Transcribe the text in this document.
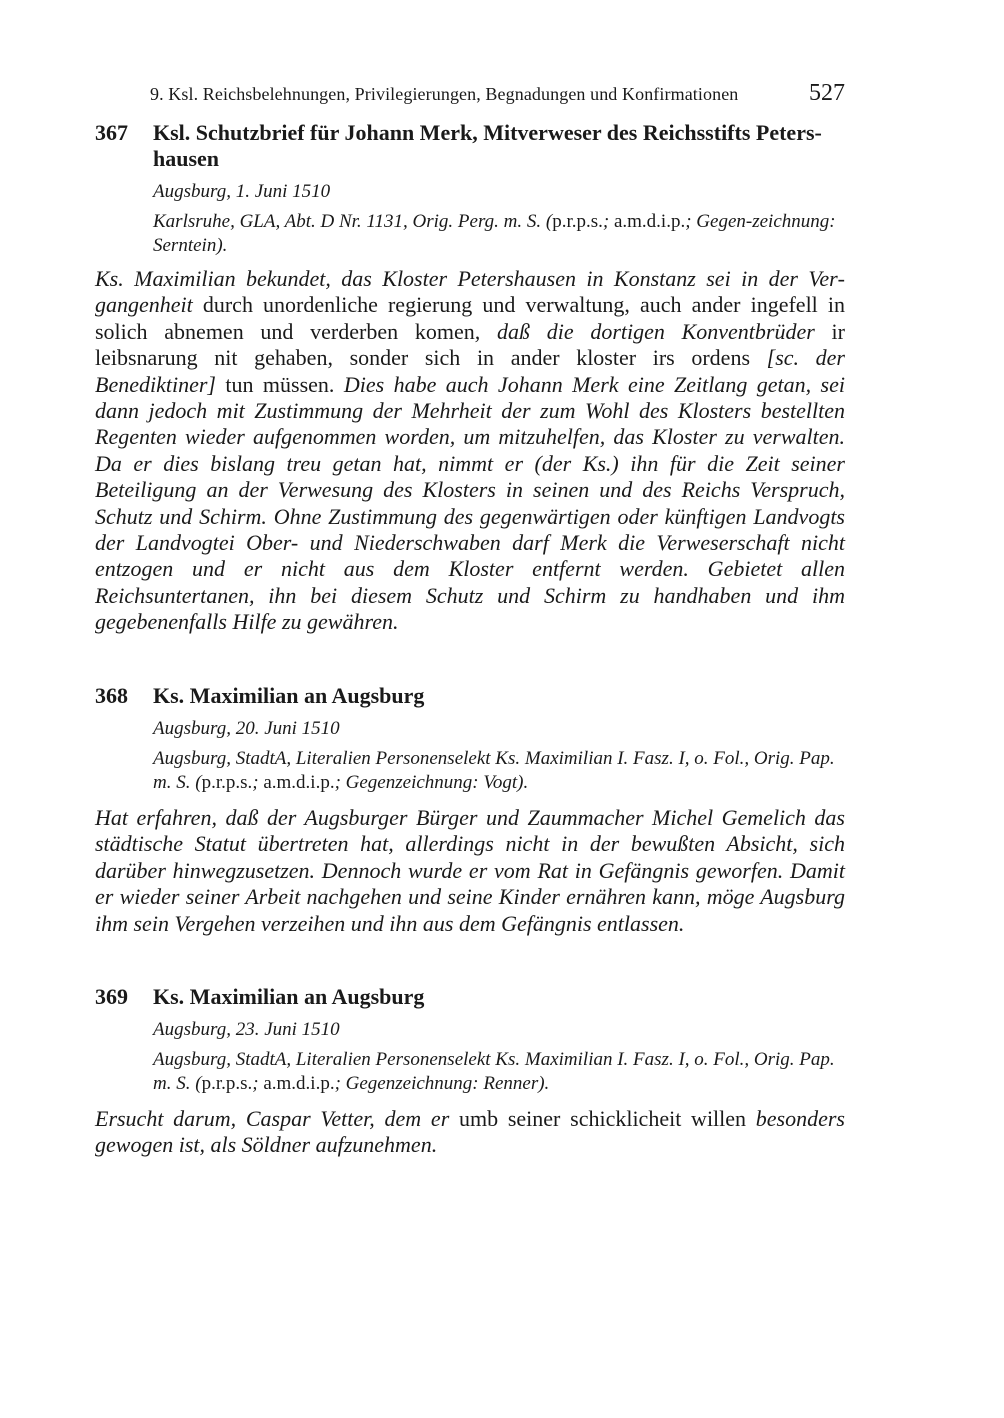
9. Ksl. Reichsbelehnungen, Privilegierungen, Begnadungen und Konfirmationen	527
367 Ksl. Schutzbrief für Johann Merk, Mitverweser des Reichsstifts Peters-
hausen
Augsburg, 1. Juni 1510
Karlsruhe, GLA, Abt. D Nr. 1131, Orig. Perg. m. S. (p.r.p.s.; a.m.d.i.p.; Gegen-zeichnung: Serntein).
Ks. Maximilian bekundet, das Kloster Petershausen in Konstanz sei in der Vergangenheit durch unordenliche regierung und verwaltung, auch ander ingefell in solich abnemen und verderben komen, daß die dortigen Konventbrüder ir leibsnarung nit gehaben, sonder sich in ander kloster irs ordens [sc. der Benediktiner] tun müssen. Dies habe auch Johann Merk eine Zeitlang getan, sei dann jedoch mit Zustimmung der Mehrheit der zum Wohl des Klosters bestellten Regenten wieder aufgenommen worden, um mitzuhelfen, das Kloster zu verwalten. Da er dies bislang treu getan hat, nimmt er (der Ks.) ihn für die Zeit seiner Beteiligung an der Verwesung des Klosters in seinen und des Reichs Verspruch, Schutz und Schirm. Ohne Zustimmung des gegenwärtigen oder künftigen Landvogts der Landvogtei Ober- und Niederschwaben darf Merk die Verweserschaft nicht entzogen und er nicht aus dem Kloster entfernt werden. Gebietet allen Reichsuntertanen, ihn bei diesem Schutz und Schirm zu handhaben und ihm gegebenenfalls Hilfe zu gewähren.
368 Ks. Maximilian an Augsburg
Augsburg, 20. Juni 1510
Augsburg, StadtA, Literalien Personenselekt Ks. Maximilian I. Fasz. I, o. Fol., Orig. Pap. m. S. (p.r.p.s.; a.m.d.i.p.; Gegenzeichnung: Vogt).
Hat erfahren, daß der Augsburger Bürger und Zaummacher Michel Gemelich das städtische Statut übertreten hat, allerdings nicht in der bewußten Absicht, sich darüber hinwegzusetzen. Dennoch wurde er vom Rat in Gefängnis geworfen. Damit er wieder seiner Arbeit nachgehen und seine Kinder ernähren kann, möge Augsburg ihm sein Vergehen verzeihen und ihn aus dem Gefängnis entlassen.
369 Ks. Maximilian an Augsburg
Augsburg, 23. Juni 1510
Augsburg, StadtA, Literalien Personenselekt Ks. Maximilian I. Fasz. I, o. Fol., Orig. Pap. m. S. (p.r.p.s.; a.m.d.i.p.; Gegenzeichnung: Renner).
Ersucht darum, Caspar Vetter, dem er umb seiner schicklicheit willen besonders gewogen ist, als Söldner aufzunehmen.
